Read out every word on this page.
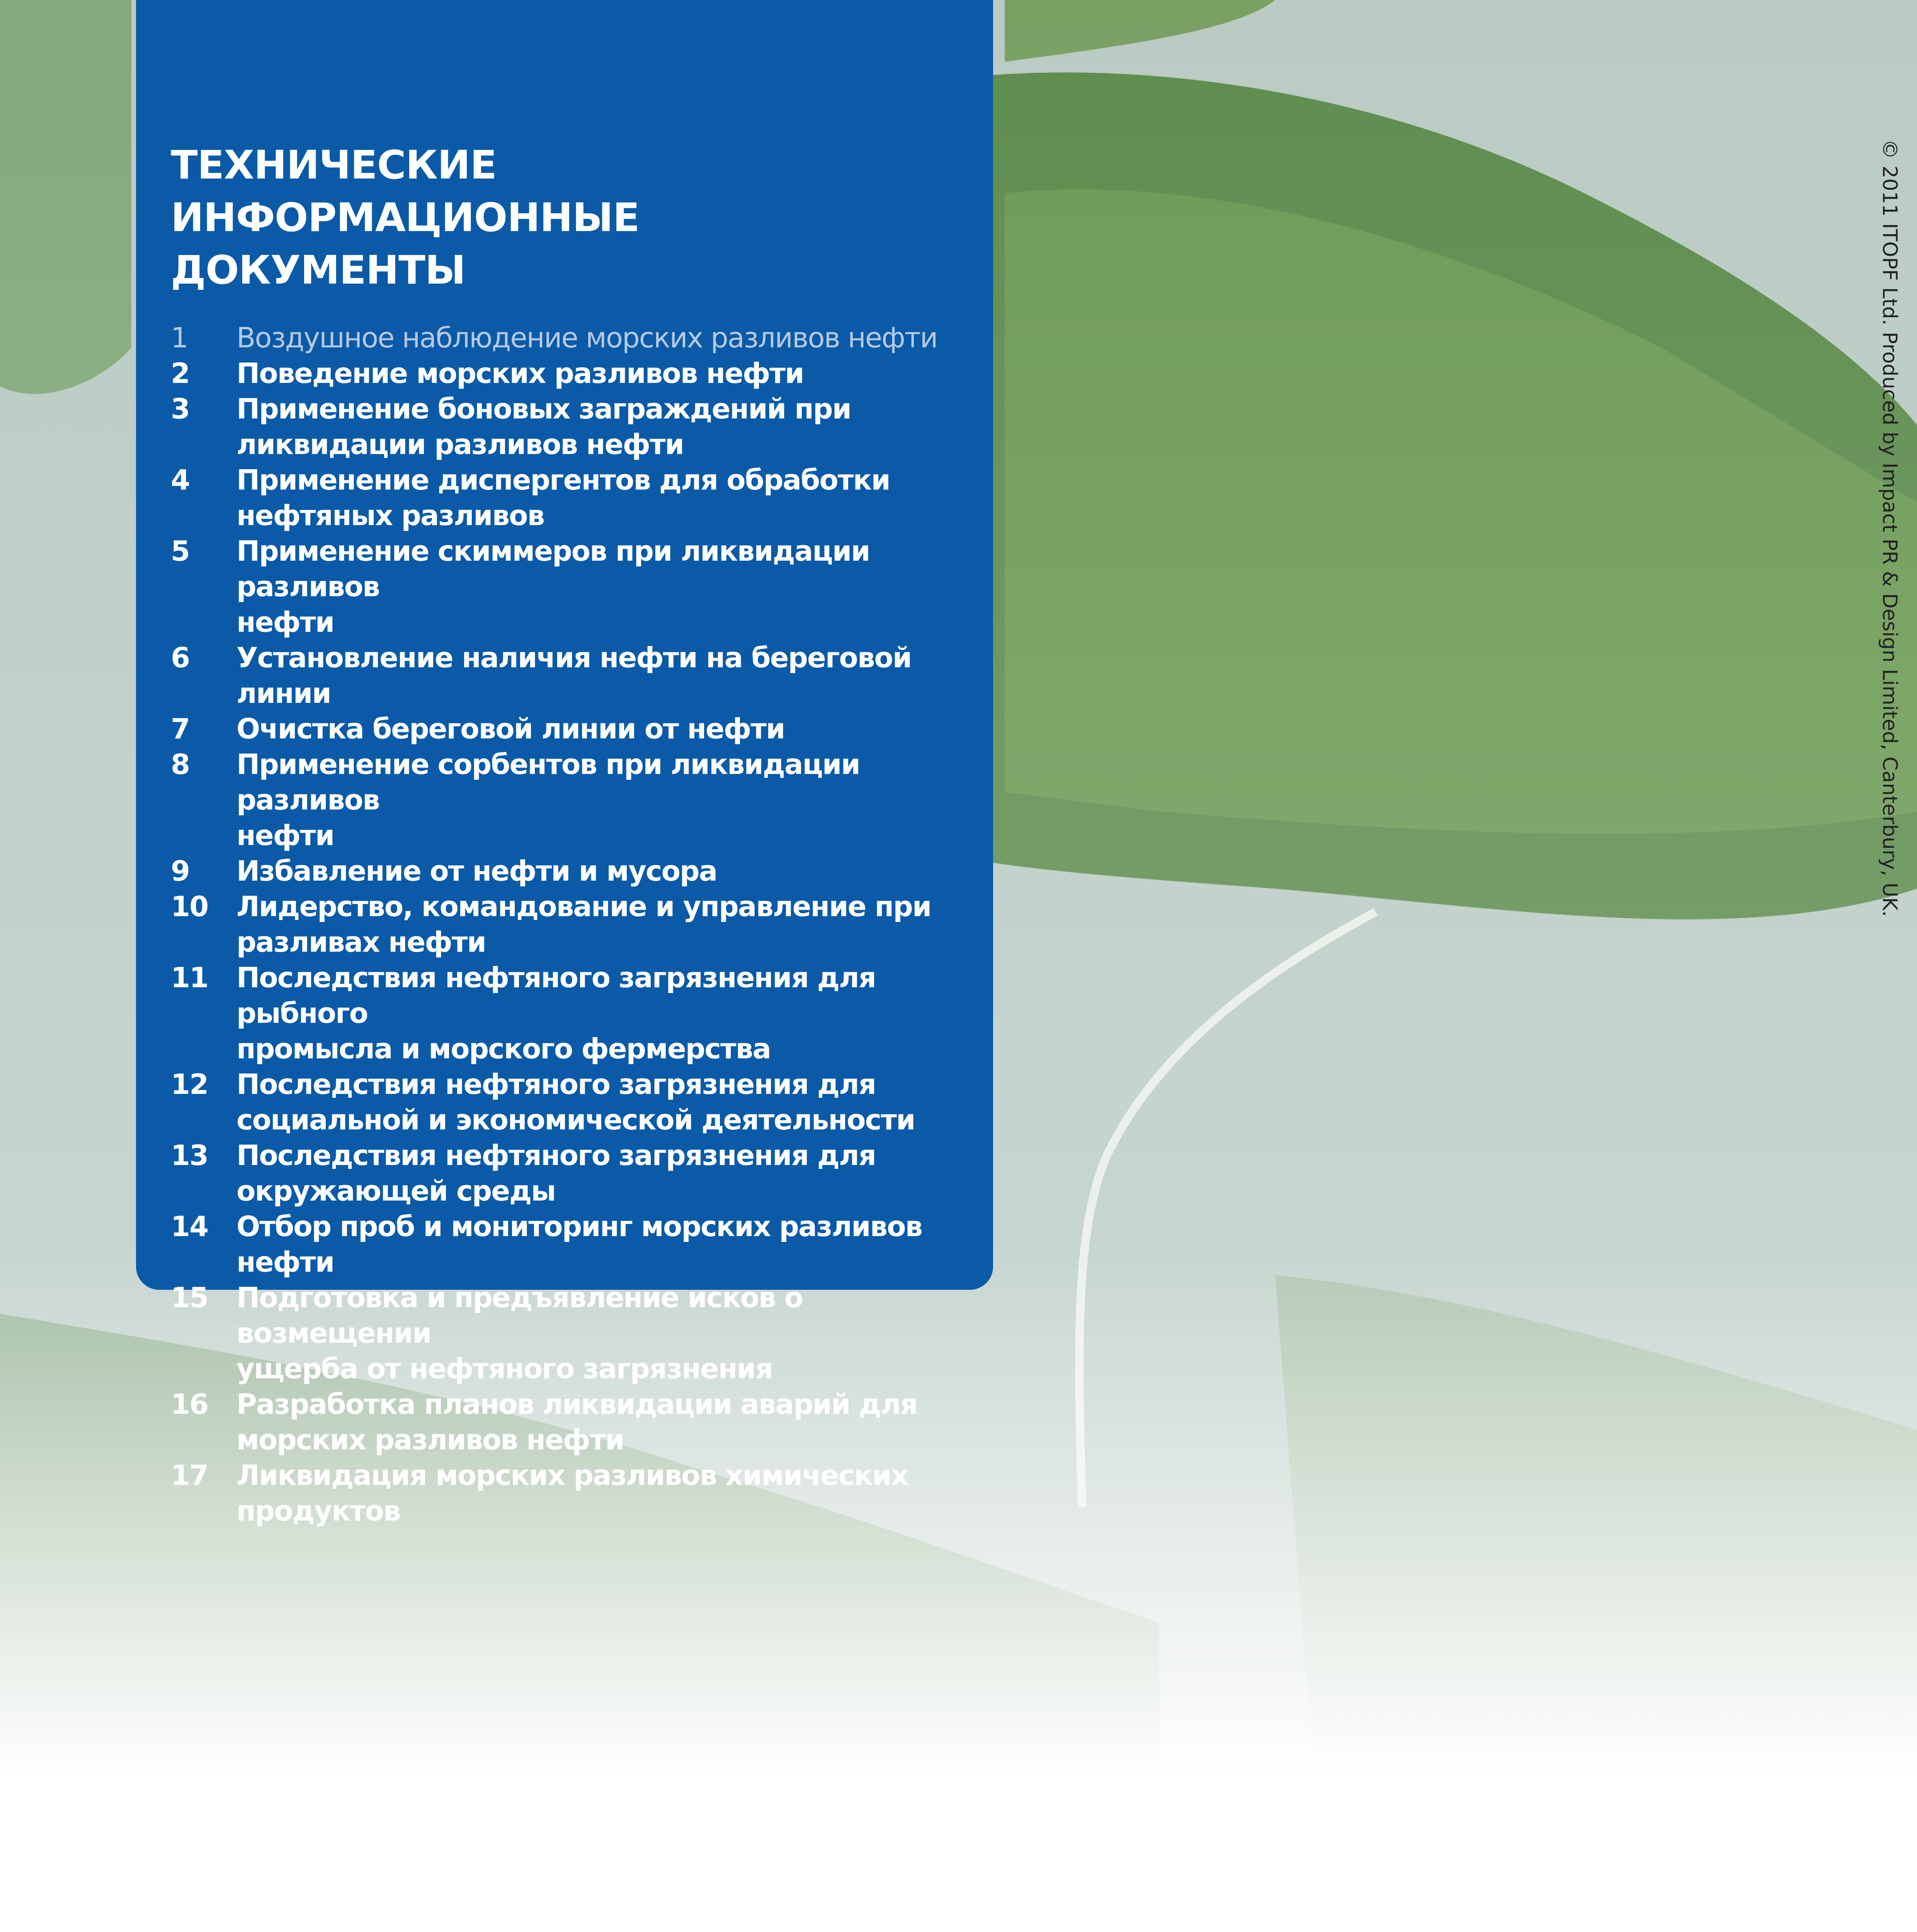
ТЕХНИЧЕСКИЕ ИНФОРМАЦИОННЫЕ ДОКУМЕНТЫ
1	Воздушное наблюдение морских разливов нефти
2	Поведение морских разливов нефти
3	Применение боновых заграждений при
ликвидации разливов нефти
4	Применение диспергентов для обработки
нефтяных разливов
5	Применение скиммеров при ликвидации разливов
нефти
6	Установление наличия нефти на береговой линии
7	Очистка береговой линии от нефти
8	Применение сорбентов при ликвидации разливов
нефти
9	Избавление от нефти и мусора
10	Лидерство, командование и управление при
разливах нефти
11	Последствия нефтяного загрязнения для рыбного
промысла и морского фермерства
12	Последствия нефтяного загрязнения для
социальной и экономической деятельности
13	Последствия нефтяного загрязнения для
окружающей среды
14	Отбор проб и мониторинг морских разливов нефти
15	Подготовка и предъявление исков о возмещении
ущерба от нефтяного загрязнения
16	Разработка планов ликвидации аварий для
морских разливов нефти
17	Ликвидация морских разливов химических
продуктов
© 2011 ITOPF Ltd. Produced by Impact PR & Design Limited, Canterbury, UK.
